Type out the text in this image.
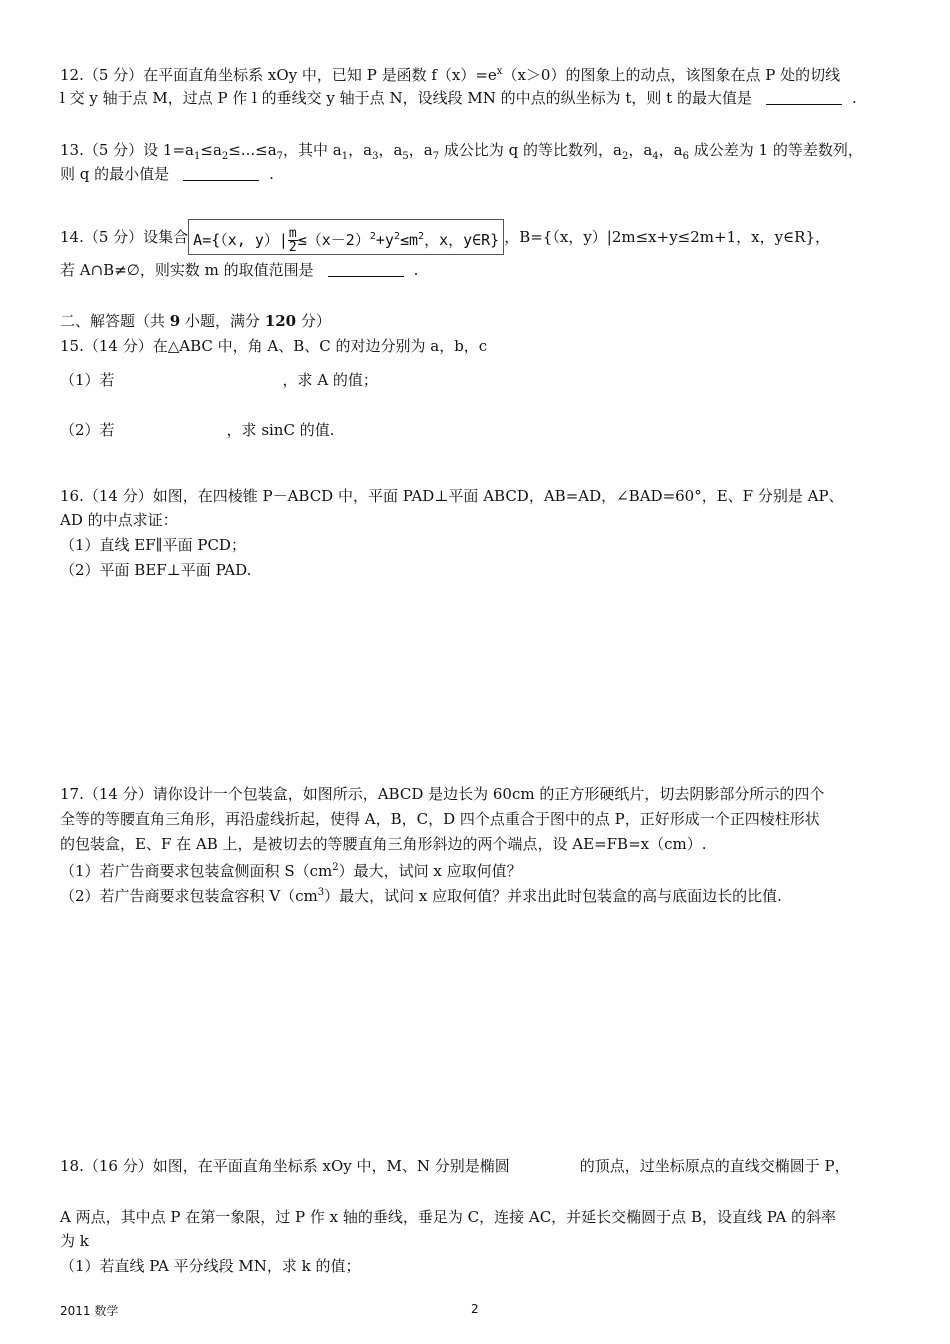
12.（5 分）在平面直角坐标系 xOy 中，已知 P 是函数 $f(x)=e^x(x>0)$的图象上的动点，该图象在点 P 处的切线
l 交 y 轴于点 M，过点 P 作 l 的垂线交 y 轴于点 N，设线段 MN 的中点的纵坐标为 t，则 t 的最大值是	.
13.（5 分）设 $1=a_1\le a_2\le...\le a_7$，其中 $a_1$，$a_3$，$a_5$，$a_7$ 成公比为 q 的等比数列，$a_2$，$a_4$，$a_6$ 成公差为 1 的等差数列，
则 q 的最小值是	.
14.（5 分）设集合 A={（x, $y)| \frac{m}{2} \le(x-2)^2+y^2\le m^2$，x，y∈R} ，B={（x，y）|2m≤x+y≤2m+1，x，y∈R}，
若 A∩B≠∅，则实数 m 的取值范围是	.
二、解答题（共 9 小题，满分 120 分）
15.（14 分）在△ABC 中，角 A、B、C 的对边分别为 a，b，c
（1）若	，求 A 的值；
（2）若	，求 sinC 的值.
16.（14 分）如图，在四棱锥 P－ABCD 中，平面 PAD⊥平面 ABCD，AB=AD，∠BAD=60°，E、F 分别是 AP、
AD 的中点求证：
（1）直线 EF∥平面 PCD；
（2）平面 BEF⊥平面 PAD.
17.（14 分）请你设计一个包装盒，如图所示，ABCD 是边长为 60cm 的正方形硬纸片，切去阴影部分所示的四个
全等的等腰直角三角形，再沿虚线折起，使得 A，B，C，D 四个点重合于图中的点 P，正好形成一个正四棱柱形状
的包装盒，E、F 在 AB 上，是被切去的等腰直角三角形斜边的两个端点，设 AE=FB=x（cm）.
（1）若广告商要求包装盒侧面积 $S(cm^2)$最大，试问 x 应取何值？
（2）若广告商要求包装盒容积 $V(cm^3)$最大，试问 x 应取何值？并求出此时包装盒的高与底面边长的比值.
18.（16 分）如图，在平面直角坐标系 xOy 中，M、N 分别是椭圆	的顶点，过坐标原点的直线交椭圆于 P，
A 两点，其中点 P 在第一象限，过 P 作 x 轴的垂线，垂足为 C，连接 AC，并延长交椭圆于点 B，设直线 PA 的斜率
为 k
（1）若直线 PA 平分线段 MN，求 k 的值；
2011 数学	2
